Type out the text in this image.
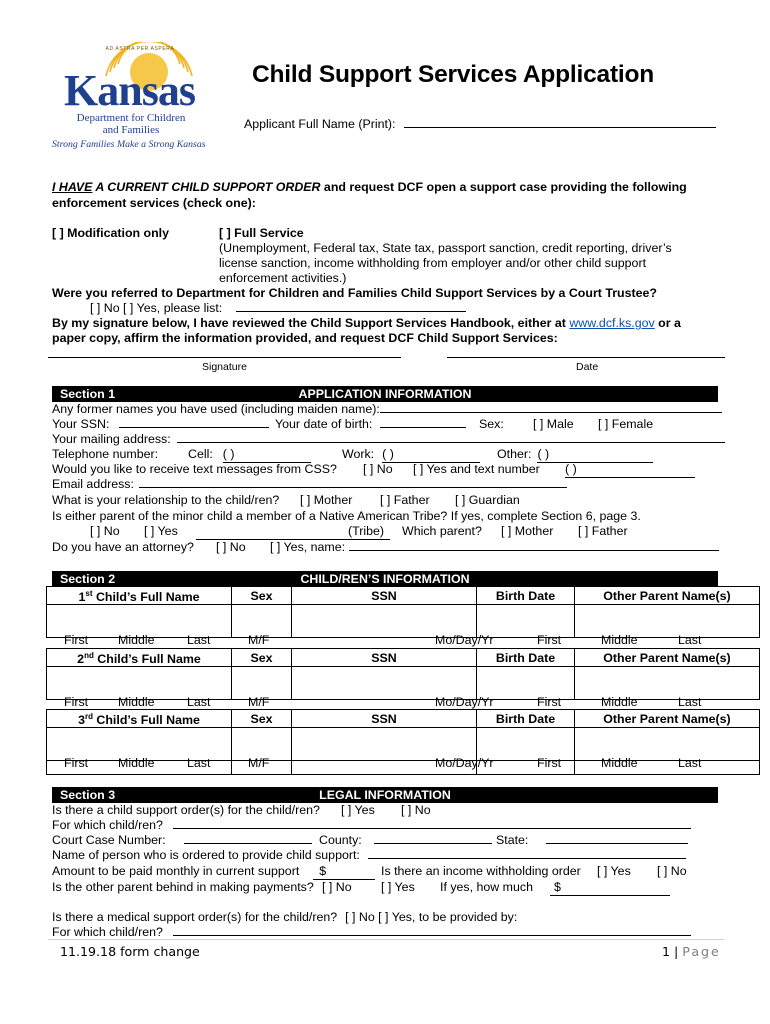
AD ASTRA PER ASPERA
Kansas
Department for Children
and Families
Strong Families Make a Strong Kansas
Child Support Services Application
Applicant Full Name (Print):
I HAVE A CURRENT CHILD SUPPORT ORDER and request DCF open a support case providing the following
enforcement services (check one):
[ ] Modification only	[ ] Full Service
(Unemployment, Federal tax, State tax, passport sanction, credit reporting, driver’s
license sanction, income withholding from employer and/or other child support
enforcement activities.)
Were you referred to Department for Children and Families Child Support Services by a Court Trustee?
[ ] No [ ] Yes, please list:
By my signature below, I have reviewed the Child Support Services Handbook, either at www.dcf.ks.gov or a
paper copy, affirm the information provided, and request DCF Child Support Services:
Signature	Date
Section 1	APPLICATION INFORMATION
Any former names you have used (including maiden name):
Your SSN:	Your date of birth:	Sex: [ ] Male [ ] Female
Your mailing address:
Telephone number: Cell: ( )	Work: ( )	Other: ( )
Would you like to receive text messages from CSS? [ ] No [ ] Yes and text number ( )
Email address:
What is your relationship to the child/ren? [ ] Mother [ ] Father [ ] Guardian
Is either parent of the minor child a member of a Native American Tribe? If yes, complete Section 6, page 3.
[ ] No [ ] Yes	(Tribe)	Which parent? [ ] Mother [ ] Father
Do you have an attorney? [ ] No [ ] Yes, name:
Section 2	CHILD/REN’S INFORMATION
1st Child’s Full Name	Sex	SSN	Birth Date	Other Parent Name(s)

First Middle	Last	M/F	Mo/Day/Yr	First	Middle	Last
2nd Child’s Full Name	Sex	SSN	Birth Date	Other Parent Name(s)

First Middle	Last	M/F	Mo/Day/Yr	First	Middle	Last
3rd Child’s Full Name	Sex	SSN	Birth Date	Other Parent Name(s)

First Middle	Last	M/F	Mo/Day/Yr	First	Middle	Last
Section 3	LEGAL INFORMATION
Is there a child support order(s) for the child/ren? [ ] Yes [ ] No
For which child/ren?
Court Case Number:	County:	State:
Name of person who is ordered to provide child support:
Amount to be paid monthly in current support $	Is there an income withholding order [ ] Yes [ ] No
Is the other parent behind in making payments? [ ] No [ ] Yes If yes, how much	$
Is there a medical support order(s) for the child/ren? [ ] No [ ] Yes, to be provided by:
For which child/ren?
11.19.18 form change	1 | Page
